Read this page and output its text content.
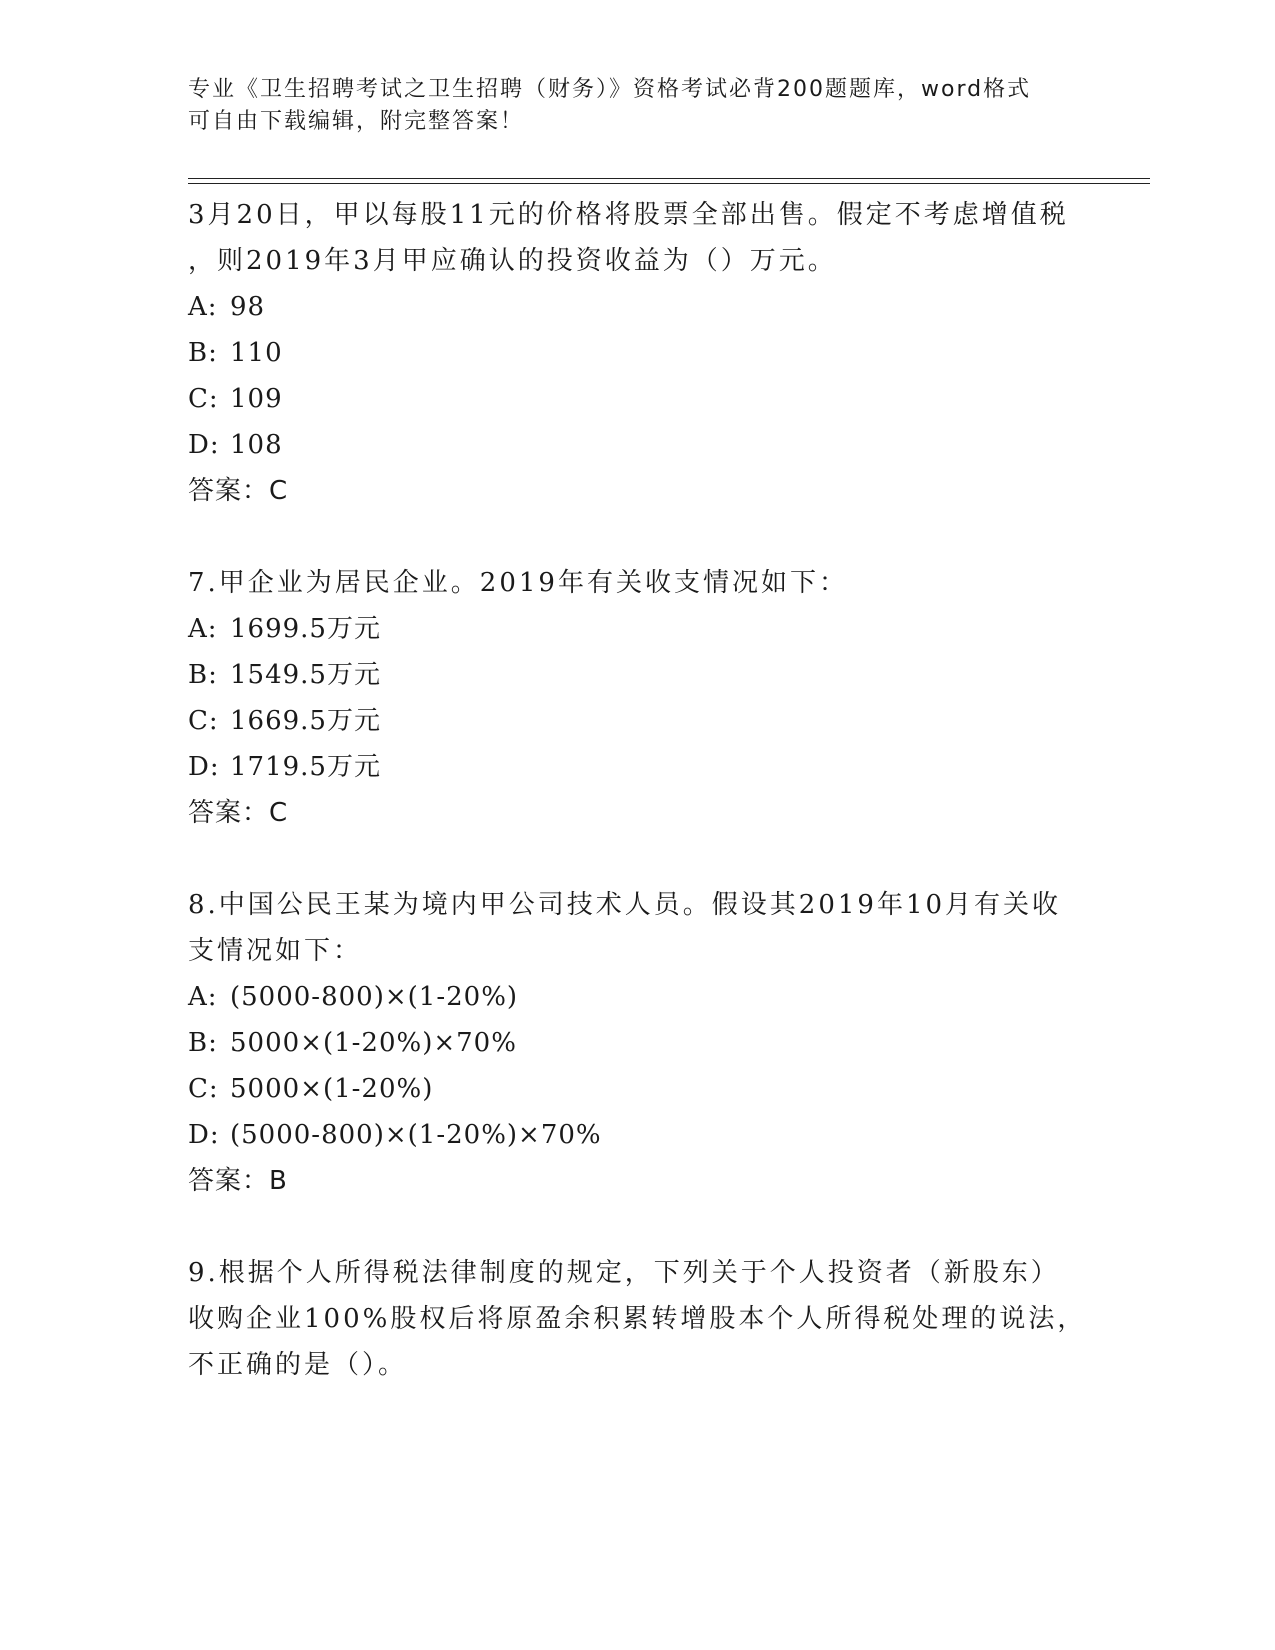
专业《卫生招聘考试之卫生招聘（财务）》资格考试必背200题题库，word格式
可自由下载编辑，附完整答案！
3月20日，甲以每股11元的价格将股票全部出售。假定不考虑增值税
，则2019年3月甲应确认的投资收益为（）万元。
A: 98
B: 110
C: 109
D: 108
答案：C
7.甲企业为居民企业。2019年有关收支情况如下：
A: 1699.5万元
B: 1549.5万元
C: 1669.5万元
D: 1719.5万元
答案：C
8.中国公民王某为境内甲公司技术人员。假设其2019年10月有关收
支情况如下：
A: (5000-800)×(1-20%)
B: 5000×(1-20%)×70%
C: 5000×(1-20%)
D: (5000-800)×(1-20%)×70%
答案：B
9.根据个人所得税法律制度的规定，下列关于个人投资者（新股东）
收购企业100%股权后将原盈余积累转增股本个人所得税处理的说法，
不正确的是（）。
